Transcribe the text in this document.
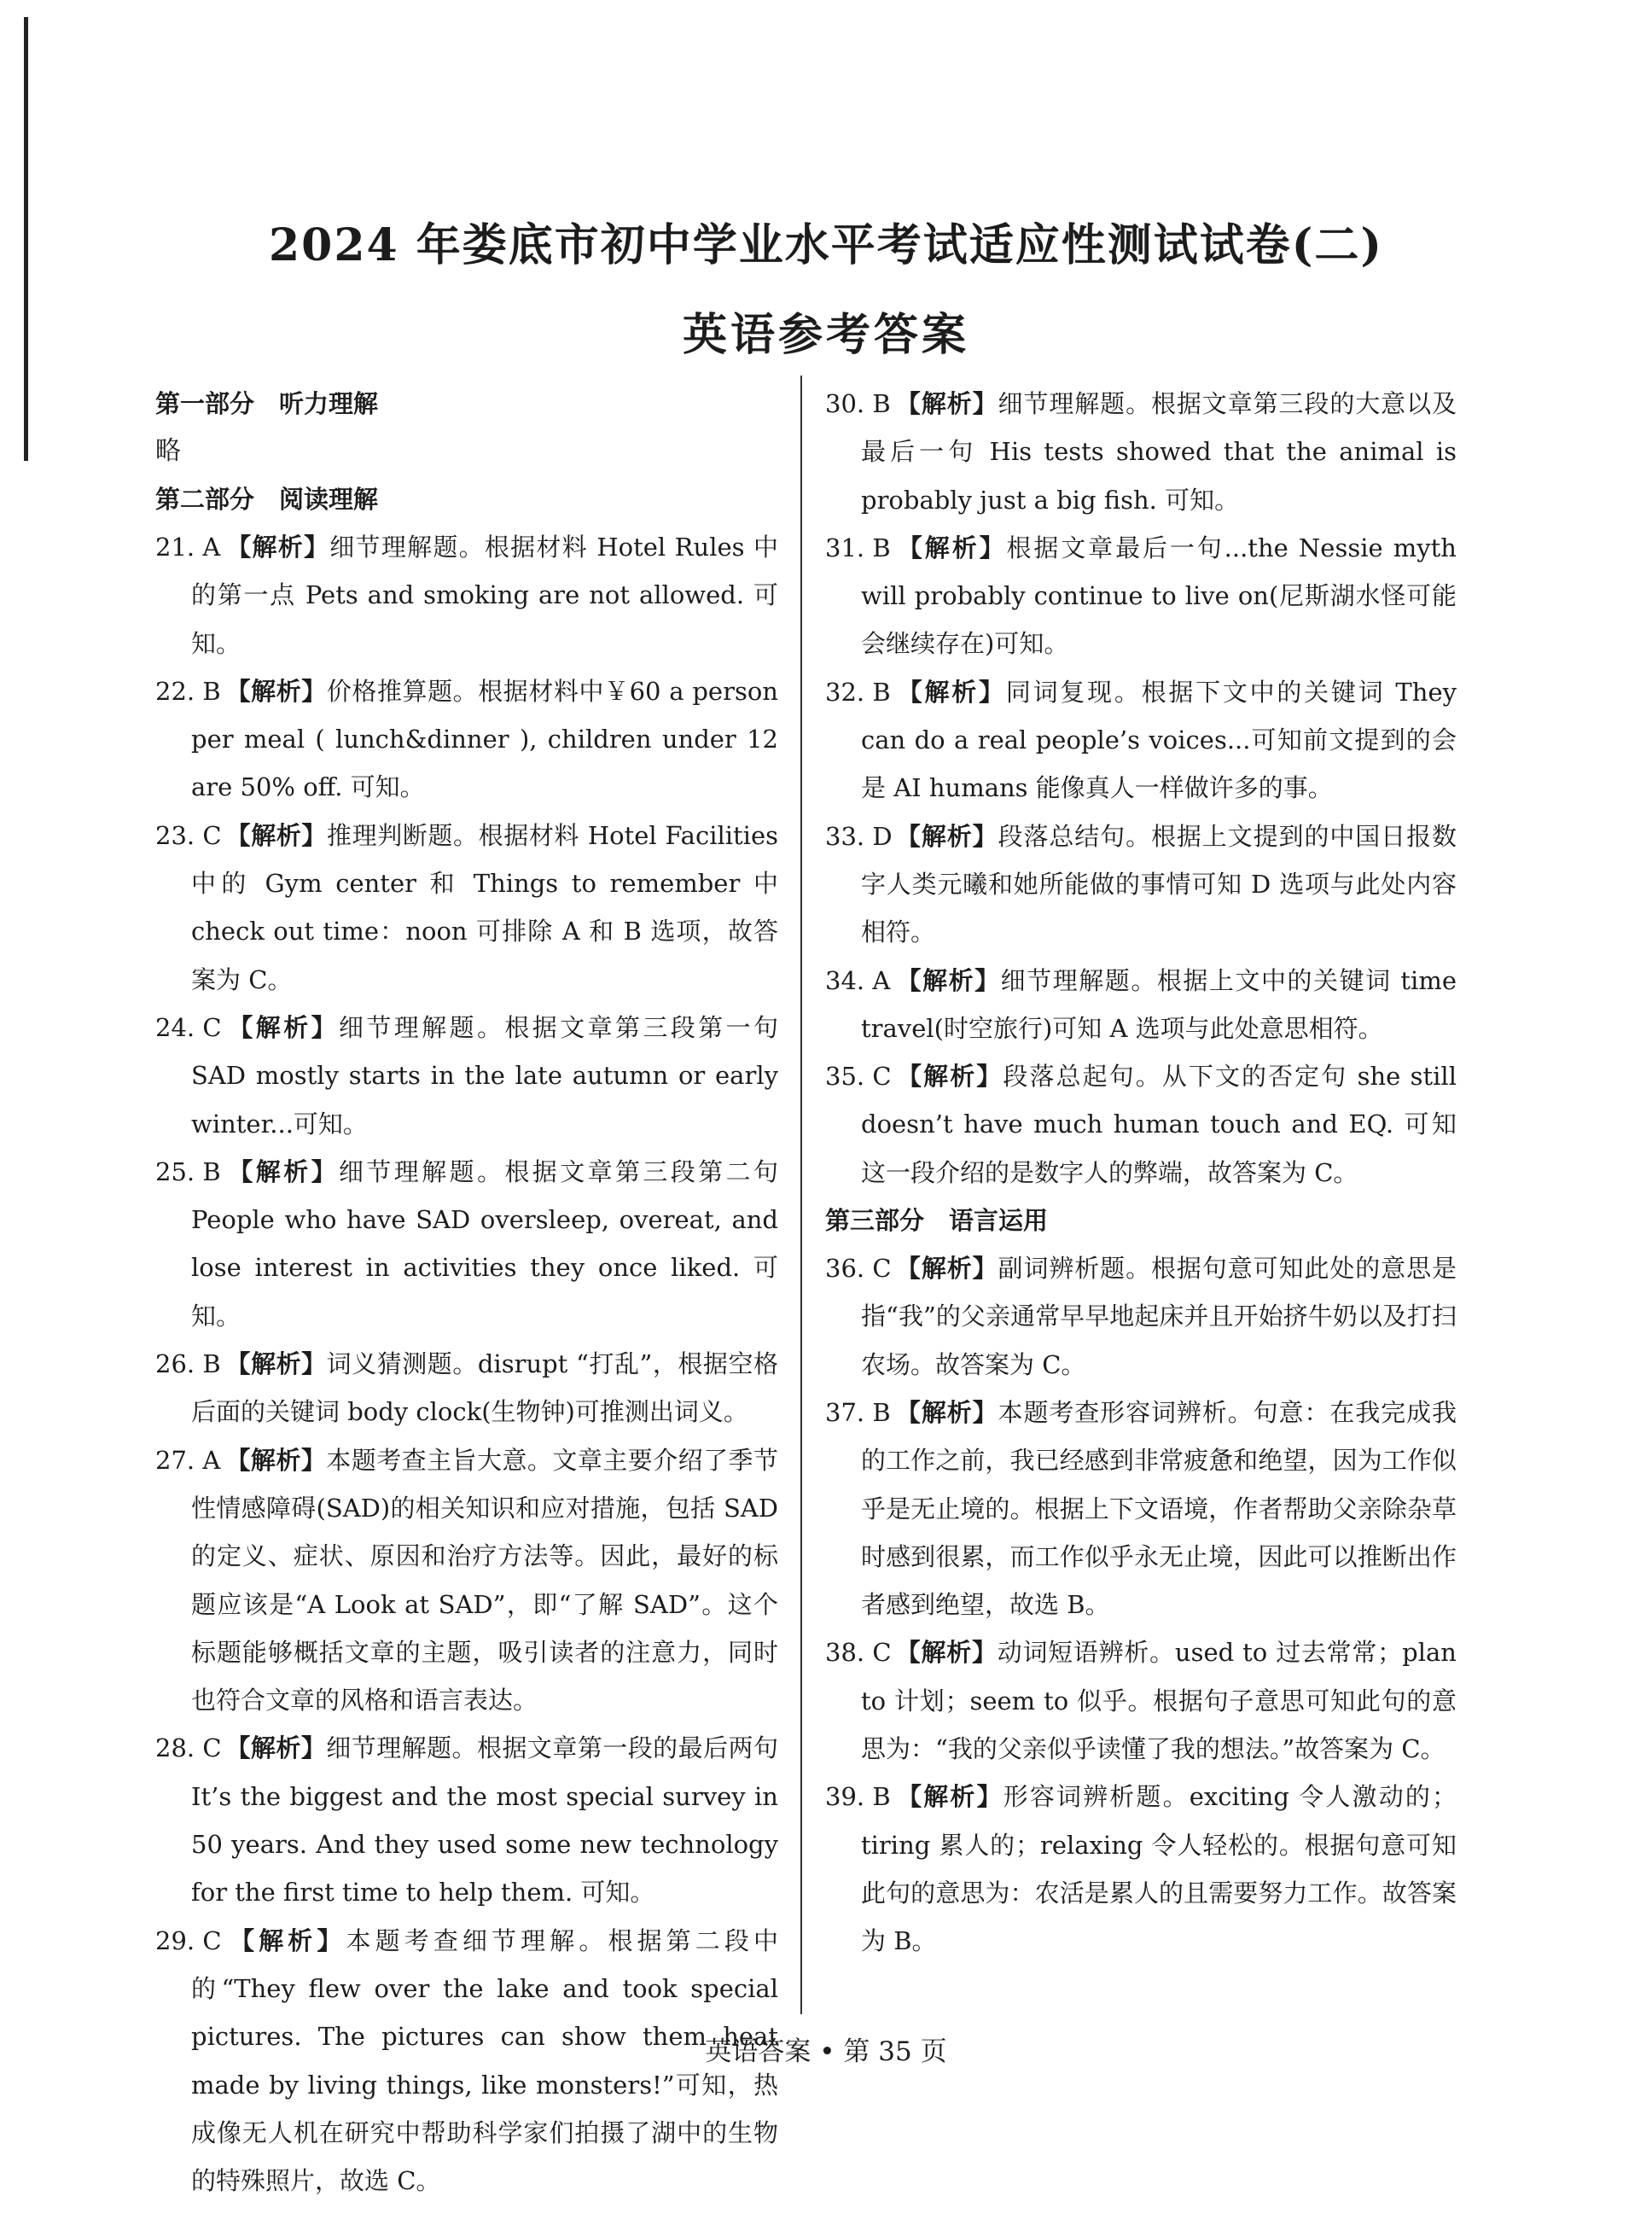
2024 年娄底市初中学业水平考试适应性测试试卷(二)
英语参考答案
第一部分　听力理解
略
第二部分　阅读理解
21. A 【解析】细节理解题。根据材料 Hotel Rules 中的第一点 Pets and smoking are not allowed. 可知。
22. B 【解析】价格推算题。根据材料中￥60 a person per meal ( lunch&dinner ), children under 12 are 50% off. 可知。
23. C 【解析】推理判断题。根据材料 Hotel Facilities 中的 Gym center 和 Things to remember 中 check out time：noon 可排除 A 和 B 选项，故答案为 C。
24. C 【解析】细节理解题。根据文章第三段第一句 SAD mostly starts in the late autumn or early winter...可知。
25. B 【解析】细节理解题。根据文章第三段第二句 People who have SAD oversleep, overeat, and lose interest in activities they once liked. 可知。
26. B 【解析】词义猜测题。disrupt “打乱”，根据空格后面的关键词 body clock(生物钟)可推测出词义。
27. A 【解析】本题考查主旨大意。文章主要介绍了季节性情感障碍(SAD)的相关知识和应对措施，包括 SAD 的定义、症状、原因和治疗方法等。因此，最好的标题应该是“A Look at SAD”，即“了解 SAD”。这个标题能够概括文章的主题，吸引读者的注意力，同时也符合文章的风格和语言表达。
28. C 【解析】细节理解题。根据文章第一段的最后两句 It’s the biggest and the most special survey in 50 years. And they used some new technology for the first time to help them. 可知。
29. C 【解析】本题考查细节理解。根据第二段中的“They flew over the lake and took special pictures. The pictures can show them heat made by living things, like monsters!”可知，热成像无人机在研究中帮助科学家们拍摄了湖中的生物的特殊照片，故选 C。
30. B 【解析】细节理解题。根据文章第三段的大意以及最后一句 His tests showed that the animal is probably just a big fish. 可知。
31. B 【解析】根据文章最后一句...the Nessie myth will probably continue to live on(尼斯湖水怪可能会继续存在)可知。
32. B 【解析】同词复现。根据下文中的关键词 They can do a real people’s voices...可知前文提到的会是 AI humans 能像真人一样做许多的事。
33. D 【解析】段落总结句。根据上文提到的中国日报数字人类元曦和她所能做的事情可知 D 选项与此处内容相符。
34. A 【解析】细节理解题。根据上文中的关键词 time travel(时空旅行)可知 A 选项与此处意思相符。
35. C 【解析】段落总起句。从下文的否定句 she still doesn’t have much human touch and EQ. 可知这一段介绍的是数字人的弊端，故答案为 C。
第三部分　语言运用
36. C 【解析】副词辨析题。根据句意可知此处的意思是指“我”的父亲通常早早地起床并且开始挤牛奶以及打扫农场。故答案为 C。
37. B 【解析】本题考查形容词辨析。句意：在我完成我的工作之前，我已经感到非常疲惫和绝望，因为工作似乎是无止境的。根据上下文语境，作者帮助父亲除杂草时感到很累，而工作似乎永无止境，因此可以推断出作者感到绝望，故选 B。
38. C 【解析】动词短语辨析。used to 过去常常；plan to 计划；seem to 似乎。根据句子意思可知此句的意思为：“我的父亲似乎读懂了我的想法。”故答案为 C。
39. B 【解析】形容词辨析题。exciting 令人激动的；tiring 累人的；relaxing 令人轻松的。根据句意可知此句的意思为：农活是累人的且需要努力工作。故答案为 B。
英语答案 • 第 35 页
